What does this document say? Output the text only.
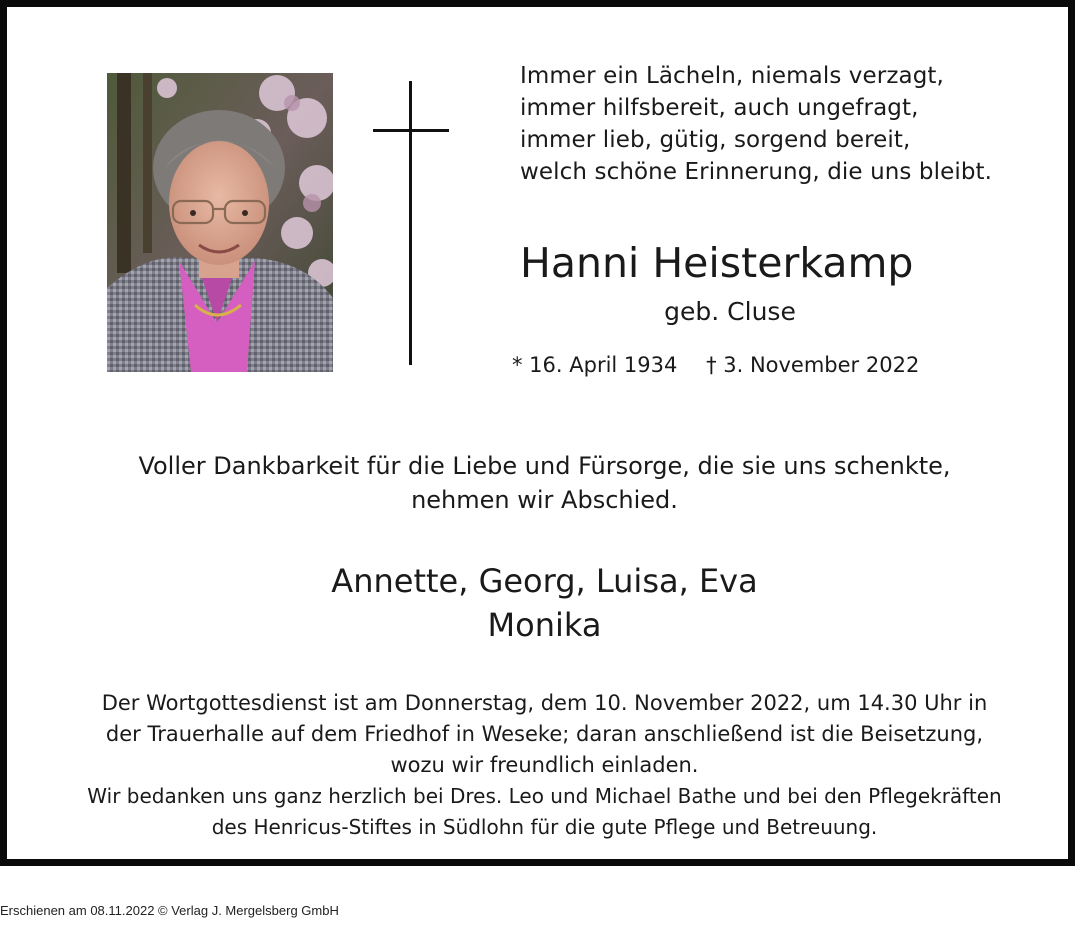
Immer ein Lächeln, niemals verzagt,
immer hilfsbereit, auch ungefragt,
immer lieb, gütig, sorgend bereit,
welch schöne Erinnerung, die uns bleibt.
Hanni Heisterkamp
geb. Cluse
* 16. April 1934 † 3. November 2022
Voller Dankbarkeit für die Liebe und Fürsorge, die sie uns schenkte,
nehmen wir Abschied.
Annette, Georg, Luisa, Eva
Monika
Der Wortgottesdienst ist am Donnerstag, dem 10. November 2022, um 14.30 Uhr in
der Trauerhalle auf dem Friedhof in Weseke; daran anschließend ist die Beisetzung,
wozu wir freundlich einladen.
Wir bedanken uns ganz herzlich bei Dres. Leo und Michael Bathe und bei den Pflegekräften
des Henricus-Stiftes in Südlohn für die gute Pflege und Betreuung.
Erschienen am 08.11.2022 © Verlag J. Mergelsberg GmbH
